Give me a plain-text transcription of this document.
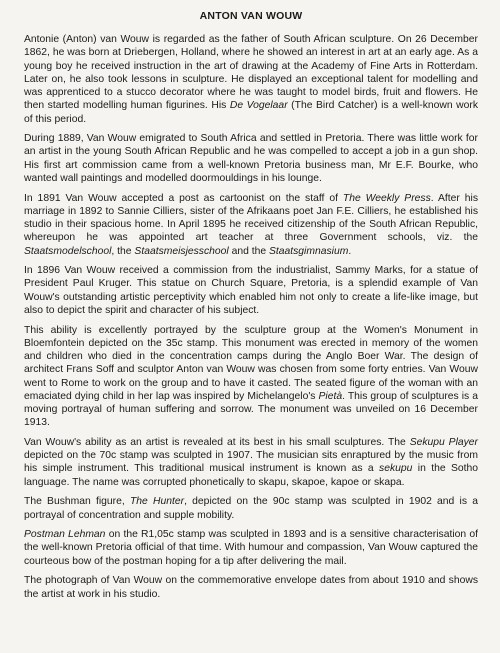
ANTON VAN WOUW

Antonie (Anton) van Wouw is regarded as the father of South African sculpture. On 26 December 1862, he was born at Driebergen, Holland, where he showed an interest in art at an early age. As a young boy he received instruction in the art of drawing at the Academy of Fine Arts in Rotterdam. Later on, he also took lessons in sculpture. He displayed an exceptional talent for modelling and was apprenticed to a stucco decorator where he was taught to model birds, fruit and flowers. He then started modelling human figurines. His De Vogelaar (The Bird Catcher) is a well-known work of this period.

During 1889, Van Wouw emigrated to South Africa and settled in Pretoria. There was little work for an artist in the young South African Republic and he was compelled to accept a job in a gun shop. His first art commission came from a well-known Pretoria business man, Mr E.F. Bourke, who wanted wall paintings and modelled doormouldings in his lounge.

In 1891 Van Wouw accepted a post as cartoonist on the staff of The Weekly Press. After his marriage in 1892 to Sannie Cilliers, sister of the Afrikaans poet Jan F.E. Cilliers, he established his studio in their spacious home. In April 1895 he received citizenship of the South African Republic, whereupon he was appointed art teacher at three Government schools, viz. the Staatsmodelschool, the Staatsmeisjesschool and the Staatsgimnasium.

In 1896 Van Wouw received a commission from the industrialist, Sammy Marks, for a statue of President Paul Kruger. This statue on Church Square, Pretoria, is a splendid example of Van Wouw's outstanding artistic perceptivity which enabled him not only to create a life-like image, but also to depict the spirit and character of his subject.

This ability is excellently portrayed by the sculpture group at the Women's Monument in Bloemfontein depicted on the 35c stamp. This monument was erected in memory of the women and children who died in the concentration camps during the Anglo Boer War. The design of architect Frans Soff and sculptor Anton van Wouw was chosen from some forty entries. Van Wouw went to Rome to work on the group and to have it casted. The seated figure of the woman with an emaciated dying child in her lap was inspired by Michelangelo's Pietà. This group of sculptures is a moving portrayal of human suffering and sorrow. The monument was unveiled on 16 December 1913.

Van Wouw's ability as an artist is revealed at its best in his small sculptures. The Sekupu Player depicted on the 70c stamp was sculpted in 1907. The musician sits enraptured by the music from his simple instrument. This traditional musical instrument is known as a sekupu in the Sotho language. The name was corrupted phonetically to skapu, skapoe, kapoe or skapa.

The Bushman figure, The Hunter, depicted on the 90c stamp was sculpted in 1902 and is a portrayal of concentration and supple mobility.

Postman Lehman on the R1,05c stamp was sculpted in 1893 and is a sensitive characterisation of the well-known Pretoria official of that time. With humour and compassion, Van Wouw captured the courteous bow of the postman hoping for a tip after delivering the mail.

The photograph of Van Wouw on the commemorative envelope dates from about 1910 and shows the artist at work in his studio.
